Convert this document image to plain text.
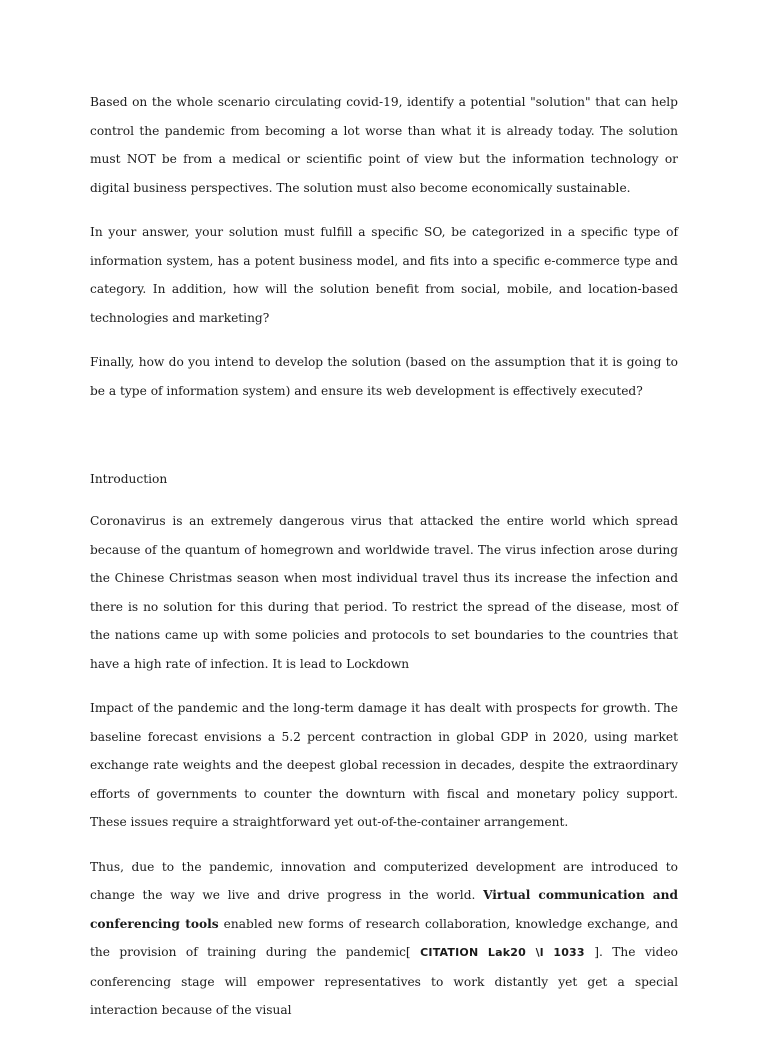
Based on the whole scenario circulating covid-19, identify a potential "solution" that can help control the pandemic from becoming a lot worse than what it is already today. The solution must NOT be from a medical or scientific point of view but the information technology or digital business perspectives. The solution must also become economically sustainable.

In your answer, your solution must fulfill a specific SO, be categorized in a specific type of information system, has a potent business model, and fits into a specific e-commerce type and category. In addition, how will the solution benefit from social, mobile, and location-based technologies and marketing?

Finally, how do you intend to develop the solution (based on the assumption that it is going to be a type of information system) and ensure its web development is effectively executed?

Introduction

Coronavirus is an extremely dangerous virus that attacked the entire world which spread because of the quantum of homegrown and worldwide travel. The virus infection arose during the Chinese Christmas season when most individual travel thus its increase the infection and there is no solution for this during that period. To restrict the spread of the disease, most of the nations came up with some policies and protocols to set boundaries to the countries that have a high rate of infection. It is lead to Lockdown

Impact of the pandemic and the long-term damage it has dealt with prospects for growth. The baseline forecast envisions a 5.2 percent contraction in global GDP in 2020, using market exchange rate weights and the deepest global recession in decades, despite the extraordinary efforts of governments to counter the downturn with fiscal and monetary policy support. These issues require a straightforward yet out-of-the-container arrangement.

Thus, due to the pandemic, innovation and computerized development are introduced to change the way we live and drive progress in the world. Virtual communication and conferencing tools enabled new forms of research collaboration, knowledge exchange, and the provision of training during the pandemic[ CITATION Lak20 \l 1033 ]. The video conferencing stage will empower representatives to work distantly yet get a special interaction because of the visual
